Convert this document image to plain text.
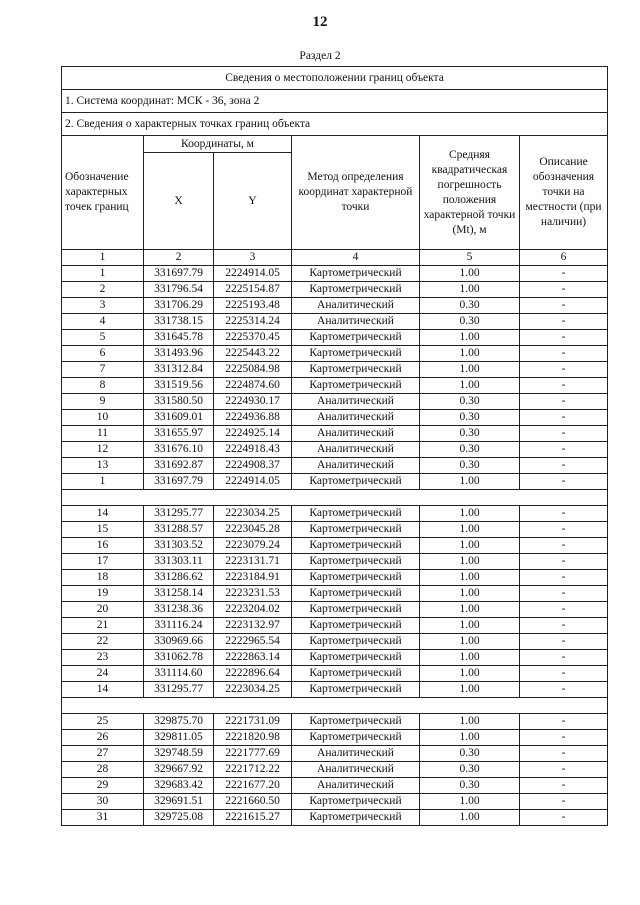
12
Раздел 2
Сведения о местоположении границ объекта					
1. Система координат: МСК - 36, зона 2					
2. Сведения о характерных точках границ объекта					
Обозначение характерных точек границ	Координаты, м		Метод определения координат характерной точки	Средняя квадратическая погрешность положения характерной точки (Mt), м	Описание обозначения точки на местности (при наличии)
	X	Y			
1	2	3	4	5	6
1	331697.79	2224914.05	Картометрический	1.00	-
2	331796.54	2225154.87	Картометрический	1.00	-
3	331706.29	2225193.48	Аналитический	0.30	-
4	331738.15	2225314.24	Аналитический	0.30	-
5	331645.78	2225370.45	Картометрический	1.00	-
6	331493.96	2225443.22	Картометрический	1.00	-
7	331312.84	2225084.98	Картометрический	1.00	-
8	331519.56	2224874.60	Картометрический	1.00	-
9	331580.50	2224930.17	Аналитический	0.30	-
10	331609.01	2224936.88	Аналитический	0.30	-
11	331655.97	2224925.14	Аналитический	0.30	-
12	331676.10	2224918.43	Аналитический	0.30	-
13	331692.87	2224908.37	Аналитический	0.30	-
1	331697.79	2224914.05	Картометрический	1.00	-

14	331295.77	2223034.25	Картометрический	1.00	-
15	331288.57	2223045.28	Картометрический	1.00	-
16	331303.52	2223079.24	Картометрический	1.00	-
17	331303.11	2223131.71	Картометрический	1.00	-
18	331286.62	2223184.91	Картометрический	1.00	-
19	331258.14	2223231.53	Картометрический	1.00	-
20	331238.36	2223204.02	Картометрический	1.00	-
21	331116.24	2223132.97	Картометрический	1.00	-
22	330969.66	2222965.54	Картометрический	1.00	-
23	331062.78	2222863.14	Картометрический	1.00	-
24	331114.60	2222896.64	Картометрический	1.00	-
14	331295.77	2223034.25	Картометрический	1.00	-

25	329875.70	2221731.09	Картометрический	1.00	-
26	329811.05	2221820.98	Картометрический	1.00	-
27	329748.59	2221777.69	Аналитический	0.30	-
28	329667.92	2221712.22	Аналитический	0.30	-
29	329683.42	2221677.20	Аналитический	0.30	-
30	329691.51	2221660.50	Картометрический	1.00	-
31	329725.08	2221615.27	Картометрический	1.00	-
